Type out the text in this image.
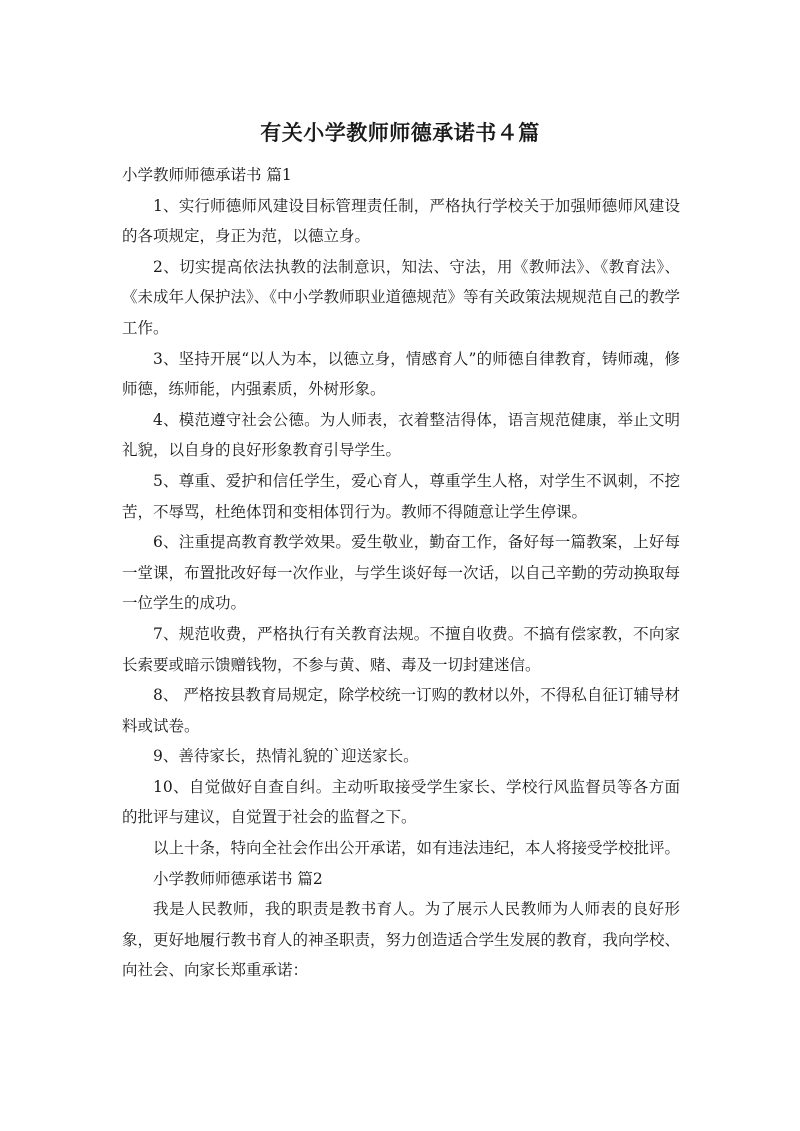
有关小学教师师德承诺书４篇

小学教师师德承诺书 篇1

1、实行师德师风建设目标管理责任制，严格执行学校关于加强师德师风建设的各项规定，身正为范，以德立身。

2、切实提高依法执教的法制意识，知法、守法，用《教师法》、《教育法》、《未成年人保护法》、《中小学教师职业道德规范》等有关政策法规规范自己的教学工作。

3、坚持开展“以人为本，以德立身，情感育人”的师德自律教育，铸师魂，修师德，练师能，内强素质，外树形象。

4、模范遵守社会公德。为人师表，衣着整洁得体，语言规范健康，举止文明礼貌，以自身的良好形象教育引导学生。

5、尊重、爱护和信任学生，爱心育人，尊重学生人格，对学生不讽刺，不挖苦，不辱骂，杜绝体罚和变相体罚行为。教师不得随意让学生停课。

6、注重提高教育教学效果。爱生敬业，勤奋工作，备好每一篇教案，上好每一堂课，布置批改好每一次作业，与学生谈好每一次话，以自己辛勤的劳动换取每一位学生的成功。

7、规范收费，严格执行有关教育法规。不擅自收费。不搞有偿家教，不向家长索要或暗示馈赠钱物，不参与黄、赌、毒及一切封建迷信。

8、 严格按县教育局规定，除学校统一订购的教材以外，不得私自征订辅导材料或试卷。

9、善待家长，热情礼貌的`迎送家长。

10、自觉做好自查自纠。主动听取接受学生家长、学校行风监督员等各方面的批评与建议，自觉置于社会的监督之下。

以上十条，特向全社会作出公开承诺，如有违法违纪，本人将接受学校批评。

小学教师师德承诺书 篇2

我是人民教师，我的职责是教书育人。为了展示人民教师为人师表的良好形象，更好地履行教书育人的神圣职责，努力创造适合学生发展的教育，我向学校、向社会、向家长郑重承诺：
